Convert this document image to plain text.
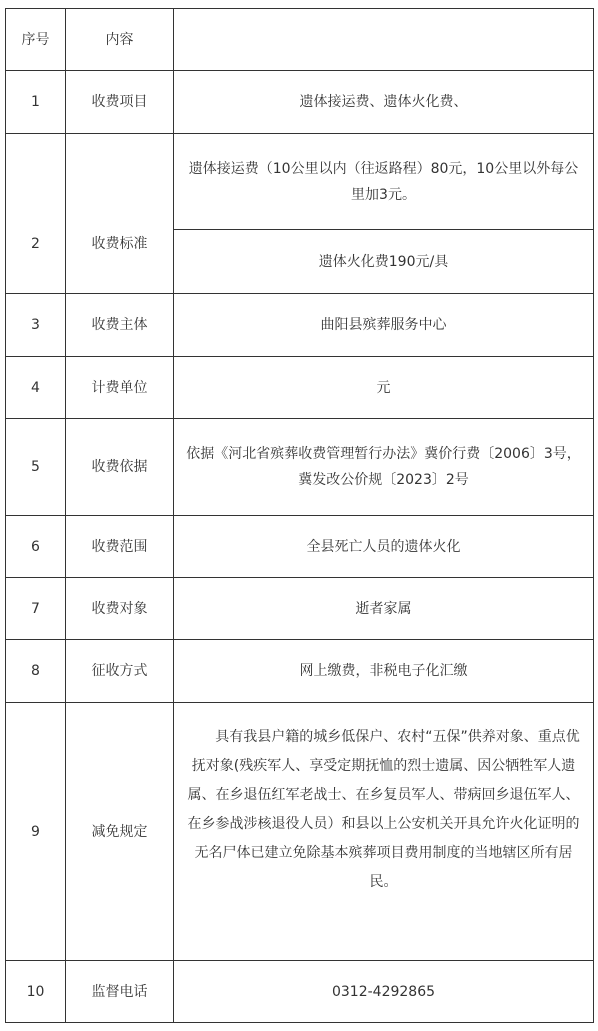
序号	内容	
1	收费项目	遗体接运费、遗体火化费、
2	收费标准	遗体接运费（10公里以内（往返路程）80元，10公里以外每公里加3元。
		遗体火化费190元/具
3	收费主体	曲阳县殡葬服务中心
4	计费单位	元
5	收费依据	依据《河北省殡葬收费管理暂行办法》冀价行费〔2006〕3号，冀发改公价规〔2023〕2号
6	收费范围	全县死亡人员的遗体火化
7	收费对象	逝者家属
8	征收方式	网上缴费，非税电子化汇缴
9	减免规定	具有我县户籍的城乡低保户、农村“五保”供养对象、重点优抚对象(残疾军人、享受定期抚恤的烈士遗属、因公牺牲军人遗属、在乡退伍红军老战士、在乡复员军人、带病回乡退伍军人、在乡参战涉核退役人员）和县以上公安机关开具允许火化证明的无名尸体已建立免除基本殡葬项目费用制度的当地辖区所有居民。
10	监督电话	0312-4292865
